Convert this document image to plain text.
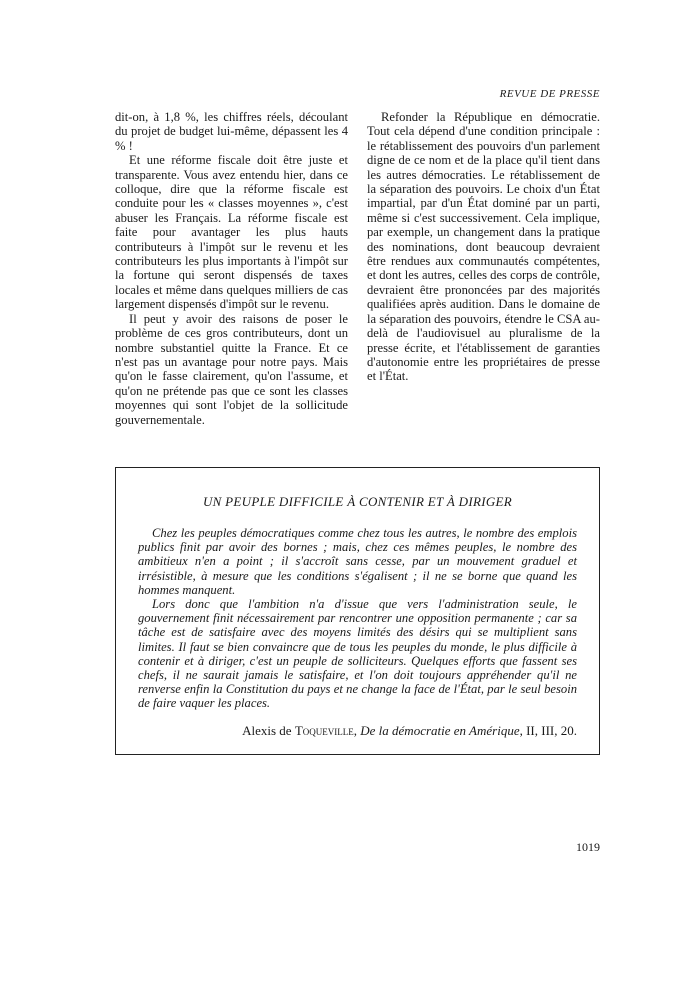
REVUE DE PRESSE

dit-on, à 1,8 %, les chiffres réels, découlant du projet de budget lui-même, dépassent les 4 % !

Et une réforme fiscale doit être juste et transparente. Vous avez entendu hier, dans ce colloque, dire que la réforme fiscale est conduite pour les « classes moyennes », c'est abuser les Français. La réforme fiscale est faite pour avantager les plus hauts contributeurs à l'impôt sur le revenu et les contributeurs les plus importants à l'impôt sur la fortune qui seront dispensés de taxes locales et même dans quelques milliers de cas largement dispensés d'impôt sur le revenu.

Il peut y avoir des raisons de poser le problème de ces gros contributeurs, dont un nombre substantiel quitte la France. Et ce n'est pas un avantage pour notre pays. Mais qu'on le fasse clairement, qu'on l'assume, et qu'on ne prétende pas que ce sont les classes moyennes qui sont l'objet de la sollicitude gouvernementale.

Refonder la République en démocratie. Tout cela dépend d'une condition principale : le rétablissement des pouvoirs d'un parlement digne de ce nom et de la place qu'il tient dans les autres démocraties. Le rétablissement de la séparation des pouvoirs. Le choix d'un État impartial, par d'un État dominé par un parti, même si c'est successivement. Cela implique, par exemple, un changement dans la pratique des nominations, dont beaucoup devraient être rendues aux communautés compétentes, et dont les autres, celles des corps de contrôle, devraient être prononcées par des majorités qualifiées après audition. Dans le domaine de la séparation des pouvoirs, étendre le CSA au-delà de l'audiovisuel au pluralisme de la presse écrite, et l'établissement de garanties d'autonomie entre les propriétaires de presse et l'État.

UN PEUPLE DIFFICILE À CONTENIR ET À DIRIGER

Chez les peuples démocratiques comme chez tous les autres, le nombre des emplois publics finit par avoir des bornes ; mais, chez ces mêmes peuples, le nombre des ambitieux n'en a point ; il s'accroît sans cesse, par un mouvement graduel et irrésistible, à mesure que les conditions s'égalisent ; il ne se borne que quand les hommes manquent.

Lors donc que l'ambition n'a d'issue que vers l'administration seule, le gouvernement finit nécessairement par rencontrer une opposition permanente ; car sa tâche est de satisfaire avec des moyens limités des désirs qui se multiplient sans limites. Il faut se bien convaincre que de tous les peuples du monde, le plus difficile à contenir et à diriger, c'est un peuple de solliciteurs. Quelques efforts que fassent ses chefs, il ne saurait jamais le satisfaire, et l'on doit toujours appréhender qu'il ne renverse enfin la Constitution du pays et ne change la face de l'État, par le seul besoin de faire vaquer les places.

Alexis de Toqueville, De la démocratie en Amérique, II, III, 20.
1019
